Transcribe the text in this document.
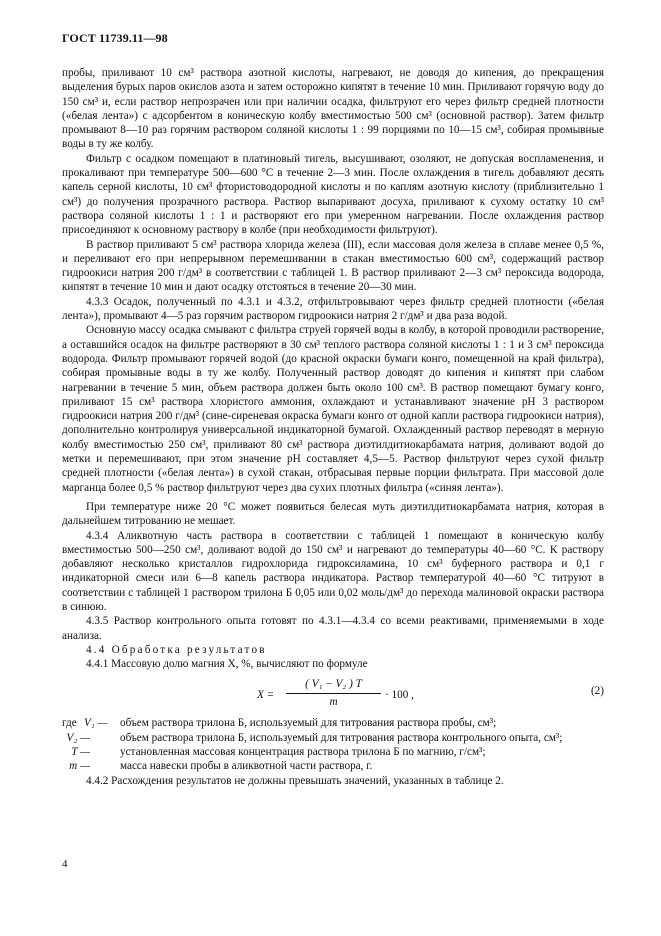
ГОСТ 11739.11—98

пробы, приливают 10 см³ раствора азотной кислоты, нагревают, не доводя до кипения, до прекращения выделения бурых паров окислов азота и затем осторожно кипятят в течение 10 мин. Приливают горячую воду до 150 см³ и, если раствор непрозрачен или при наличии осадка, фильтруют его через фильтр средней плотности («белая лента») с адсорбентом в коническую колбу вместимостью 500 см³ (основной раствор). Затем фильтр промывают 8—10 раз горячим раствором соляной кислоты 1 : 99 порциями по 10—15 см³, собирая промывные воды в ту же колбу.

Фильтр с осадком помещают в платиновый тигель, высушивают, озоляют, не допуская воспламенения, и прокаливают при температуре 500—600 °С в течение 2—3 мин. После охлаждения в тигель добавляют десять капель серной кислоты, 10 см³ фтористоводородной кислоты и по каплям азотную кислоту (приблизительно 1 см³) до получения прозрачного раствора. Раствор выпаривают досуха, приливают к сухому остатку 10 см³ раствора соляной кислоты 1 : 1 и растворяют его при умеренном нагревании. После охлаждения раствор присоединяют к основному раствору в колбе (при необходимости фильтруют).

В раствор приливают 5 см³ раствора хлорида железа (III), если массовая доля железа в сплаве менее 0,5 %, и переливают его при непрерывном перемешивании в стакан вместимостью 600 см³, содержащий раствор гидроокиси натрия 200 г/дм³ в соответствии с таблицей 1. В раствор приливают 2—3 см³ пероксида водорода, кипятят в течение 10 мин и дают осадку отстояться в течение 20—30 мин.

4.3.3 Осадок, полученный по 4.3.1 и 4.3.2, отфильтровывают через фильтр средней плотности («белая лента»), промывают 4—5 раз горячим раствором гидроокиси натрия 2 г/дм³ и два раза водой.

Основную массу осадка смывают с фильтра струей горячей воды в колбу, в которой проводили растворение, а оставшийся осадок на фильтре растворяют в 30 см³ теплого раствора соляной кислоты 1 : 1 и 3 см³ пероксида водорода. Фильтр промывают горячей водой (до красной окраски бумаги конго, помещенной на край фильтра), собирая промывные воды в ту же колбу. Полученный раствор доводят до кипения и кипятят при слабом нагревании в течение 5 мин, объем раствора должен быть около 100 см³. В раствор помещают бумагу конго, приливают 15 см³ раствора хлористого аммония, охлаждают и устанавливают значение рН 3 раствором гидроокиси натрия 200 г/дм³ (сине-сиреневая окраска бумаги конго от одной капли раствора гидроокиси натрия), дополнительно контролируя универсальной индикаторной бумагой. Охлажденный раствор переводят в мерную колбу вместимостью 250 см³, приливают 80 см³ раствора диэтилдитиокарбамата натрия, доливают водой до метки и перемешивают, при этом значение рН составляет 4,5—5. Раствор фильтруют через сухой фильтр средней плотности («белая лента») в сухой стакан, отбрасывая первые порции фильтрата. При массовой доле марганца более 0,5 % раствор фильтруют через два сухих плотных фильтра («синяя лента»).

При температуре ниже 20 °С может появиться белесая муть диэтилдитиокарбамата натрия, которая в дальнейшем титрованию не мешает.

4.3.4 Аликвотную часть раствора в соответствии с таблицей 1 помещают в коническую колбу вместимостью 500—250 см³, доливают водой до 150 см³ и нагревают до температуры 40—60 °С. К раствору добавляют несколько кристаллов гидрохлорида гидроксиламина, 10 см³ буферного раствора и 0,1 г индикаторной смеси или 6—8 капель раствора индикатора. Раствор температурой 40—60 °С титруют в соответствии с таблицей 1 раствором трилона Б 0,05 или 0,02 моль/дм³ до перехода малиновой окраски раствора в синюю.

4.3.5 Раствор контрольного опыта готовят по 4.3.1—4.3.4 со всеми реактивами, применяемыми в ходе анализа.

4.4 Обработка результатов

4.4.1 Массовую долю магния X, %, вычисляют по формуле

$X = \frac{\text{( V₁ − V₂ ) T}}{m} \cdot 100$ ,	(2)
где V₁ —	объем раствора трилона Б, используемый для титрования раствора пробы, см³;
V₂ —	объем раствора трилона Б, используемый для титрования раствора контрольного опыта, см³;
T —	установленная массовая концентрация раствора трилона Б по магнию, г/см³;
m —	масса навески пробы в аликвотной части раствора, г.

4.4.2 Расхождения результатов не должны превышать значений, указанных в таблице 2.

4
